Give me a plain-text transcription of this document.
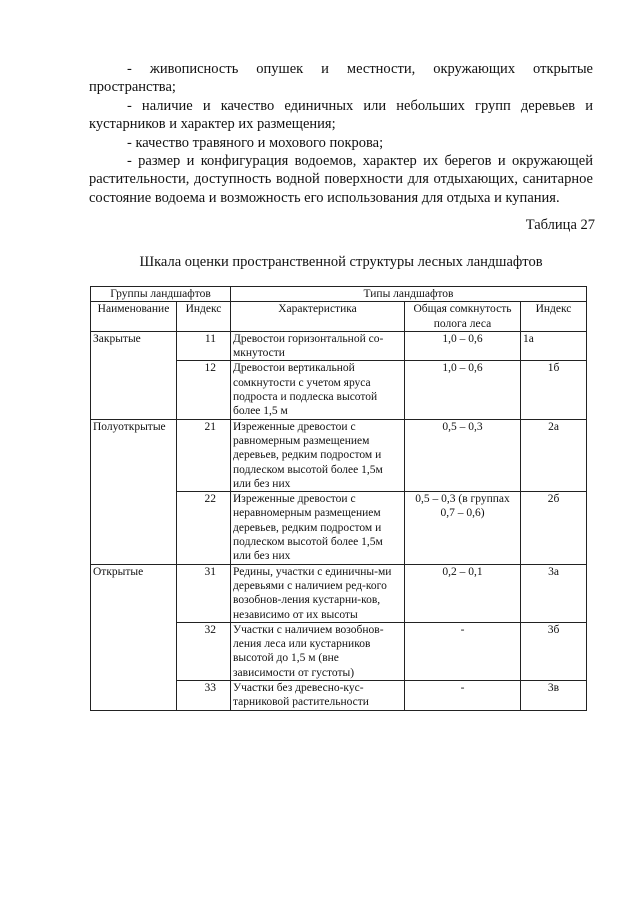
- живописность опушек и местности, окружающих открытые пространства;

- наличие и качество единичных или небольших групп деревьев и кустарников и характер их размещения;

- качество травяного и мохового покрова;

- размер и конфигурация водоемов, характер их берегов и окружающей растительности, доступность водной поверхности для отдыхающих, санитарное состояние водоема и возможность его использования для отдыха и купания.

Таблица 27
Шкала оценки пространственной структуры лесных ландшафтов
Группы ландшафтов		Типы ландшафтов		
Наименование	Индекс	Характеристика	Общая сомкнутость полога леса	Индекс
Закрытые	11	Древостои горизонтальной со-мкнутости	1,0 – 0,6	1а
	12	Древостои вертикальной сомкнутости с учетом яруса подроста и подлеска высотой более 1,5 м	1,0 – 0,6	1б
Полуоткрытые	21	Изреженные древостои с равномерным размещением деревьев, редким подростом и подлеском высотой более 1,5м или без них	0,5 – 0,3	2а
	22	Изреженные древостои с неравномерным размещением деревьев, редким подростом и подлеском высотой более 1,5м или без них	0,5 – 0,3 (в группах 0,7 – 0,6)	2б
Открытые	31	Редины, участки с единичны-ми деревьями с наличием ред-кого возобнов-ления кустарни-ков, независимо от их высоты	0,2 – 0,1	3а
	32	Участки с наличием возобнов-ления леса или кустарников высотой до 1,5 м (вне зависимости от густоты)	-	3б
	33	Участки без древесно-кус-тарниковой растительности	-	3в
